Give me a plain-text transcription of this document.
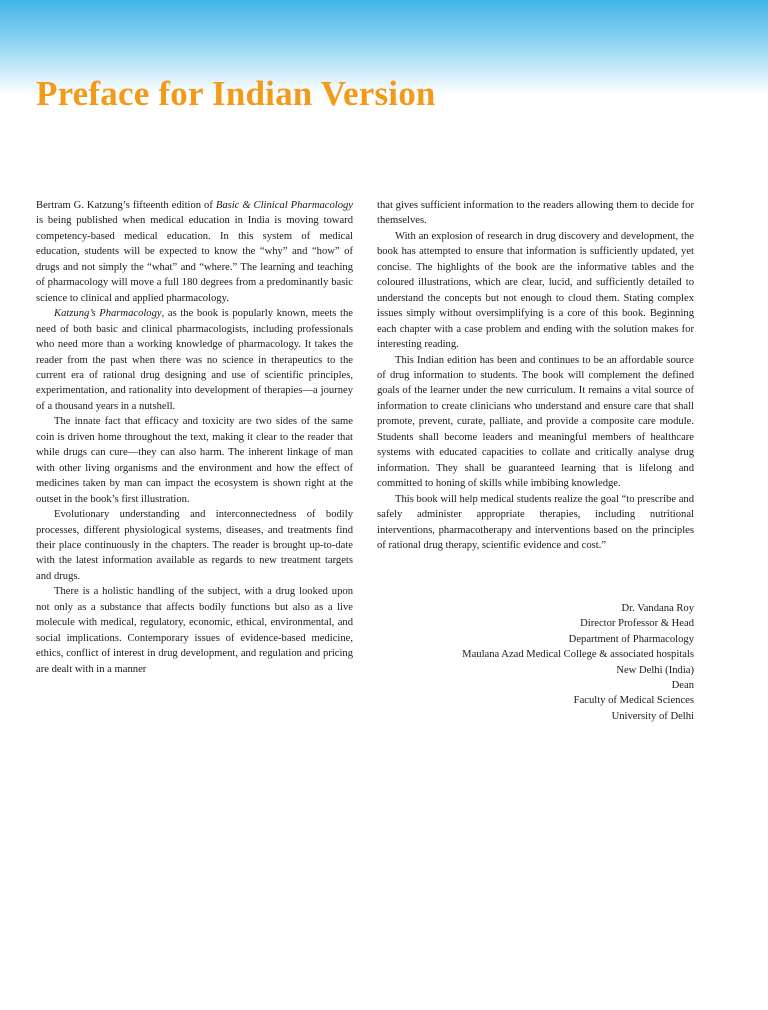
Preface for Indian Version

Bertram G. Katzung’s fifteenth edition of Basic & Clinical Pharmacology is being published when medical education in India is moving toward competency-based medical education. In this system of medical education, students will be expected to know the “why” and “how” of drugs and not simply the “what” and “where.” The learning and teaching of pharmacology will move a full 180 degrees from a predominantly basic science to clinical and applied pharmacology.

Katzung’s Pharmacology, as the book is popularly known, meets the need of both basic and clinical pharmacologists, including professionals who need more than a working knowledge of pharmacology. It takes the reader from the past when there was no science in therapeutics to the current era of rational drug designing and use of scientific principles, experimentation, and rationality into development of therapies—a journey of a thousand years in a nutshell.

The innate fact that efficacy and toxicity are two sides of the same coin is driven home throughout the text, making it clear to the reader that while drugs can cure—they can also harm. The inherent linkage of man with other living organisms and the environment and how the effect of medicines taken by man can impact the ecosystem is shown right at the outset in the book’s first illustration.

Evolutionary understanding and interconnectedness of bodily processes, different physiological systems, diseases, and treatments find their place continuously in the chapters. The reader is brought up-to-date with the latest information available as regards to new treatment targets and drugs.

There is a holistic handling of the subject, with a drug looked upon not only as a substance that affects bodily functions but also as a live molecule with medical, regulatory, economic, ethical, environmental, and social implications. Contemporary issues of evidence-based medicine, ethics, conflict of interest in drug development, and regulation and pricing are dealt with in a manner

that gives sufficient information to the readers allowing them to decide for themselves.

With an explosion of research in drug discovery and development, the book has attempted to ensure that information is sufficiently updated, yet concise. The highlights of the book are the informative tables and the coloured illustrations, which are clear, lucid, and sufficiently detailed to understand the concepts but not enough to cloud them. Stating complex issues simply without oversimplifying is a core of this book. Beginning each chapter with a case problem and ending with the solution makes for interesting reading.

This Indian edition has been and continues to be an affordable source of drug information to students. The book will complement the defined goals of the learner under the new curriculum. It remains a vital source of information to create clinicians who understand and ensure care that shall promote, prevent, curate, palliate, and provide a composite care module. Students shall become leaders and meaningful members of healthcare systems with educated capacities to collate and critically analyse drug information. They shall be guaranteed learning that is lifelong and committed to honing of skills while imbibing knowledge.

This book will help medical students realize the goal “to prescribe and safely administer appropriate therapies, including nutritional interventions, pharmacotherapy and interventions based on the principles of rational drug therapy, scientific evidence and cost.”

Dr. Vandana Roy
Director Professor & Head
Department of Pharmacology
Maulana Azad Medical College & associated hospitals
New Delhi (India)
Dean
Faculty of Medical Sciences
University of Delhi
